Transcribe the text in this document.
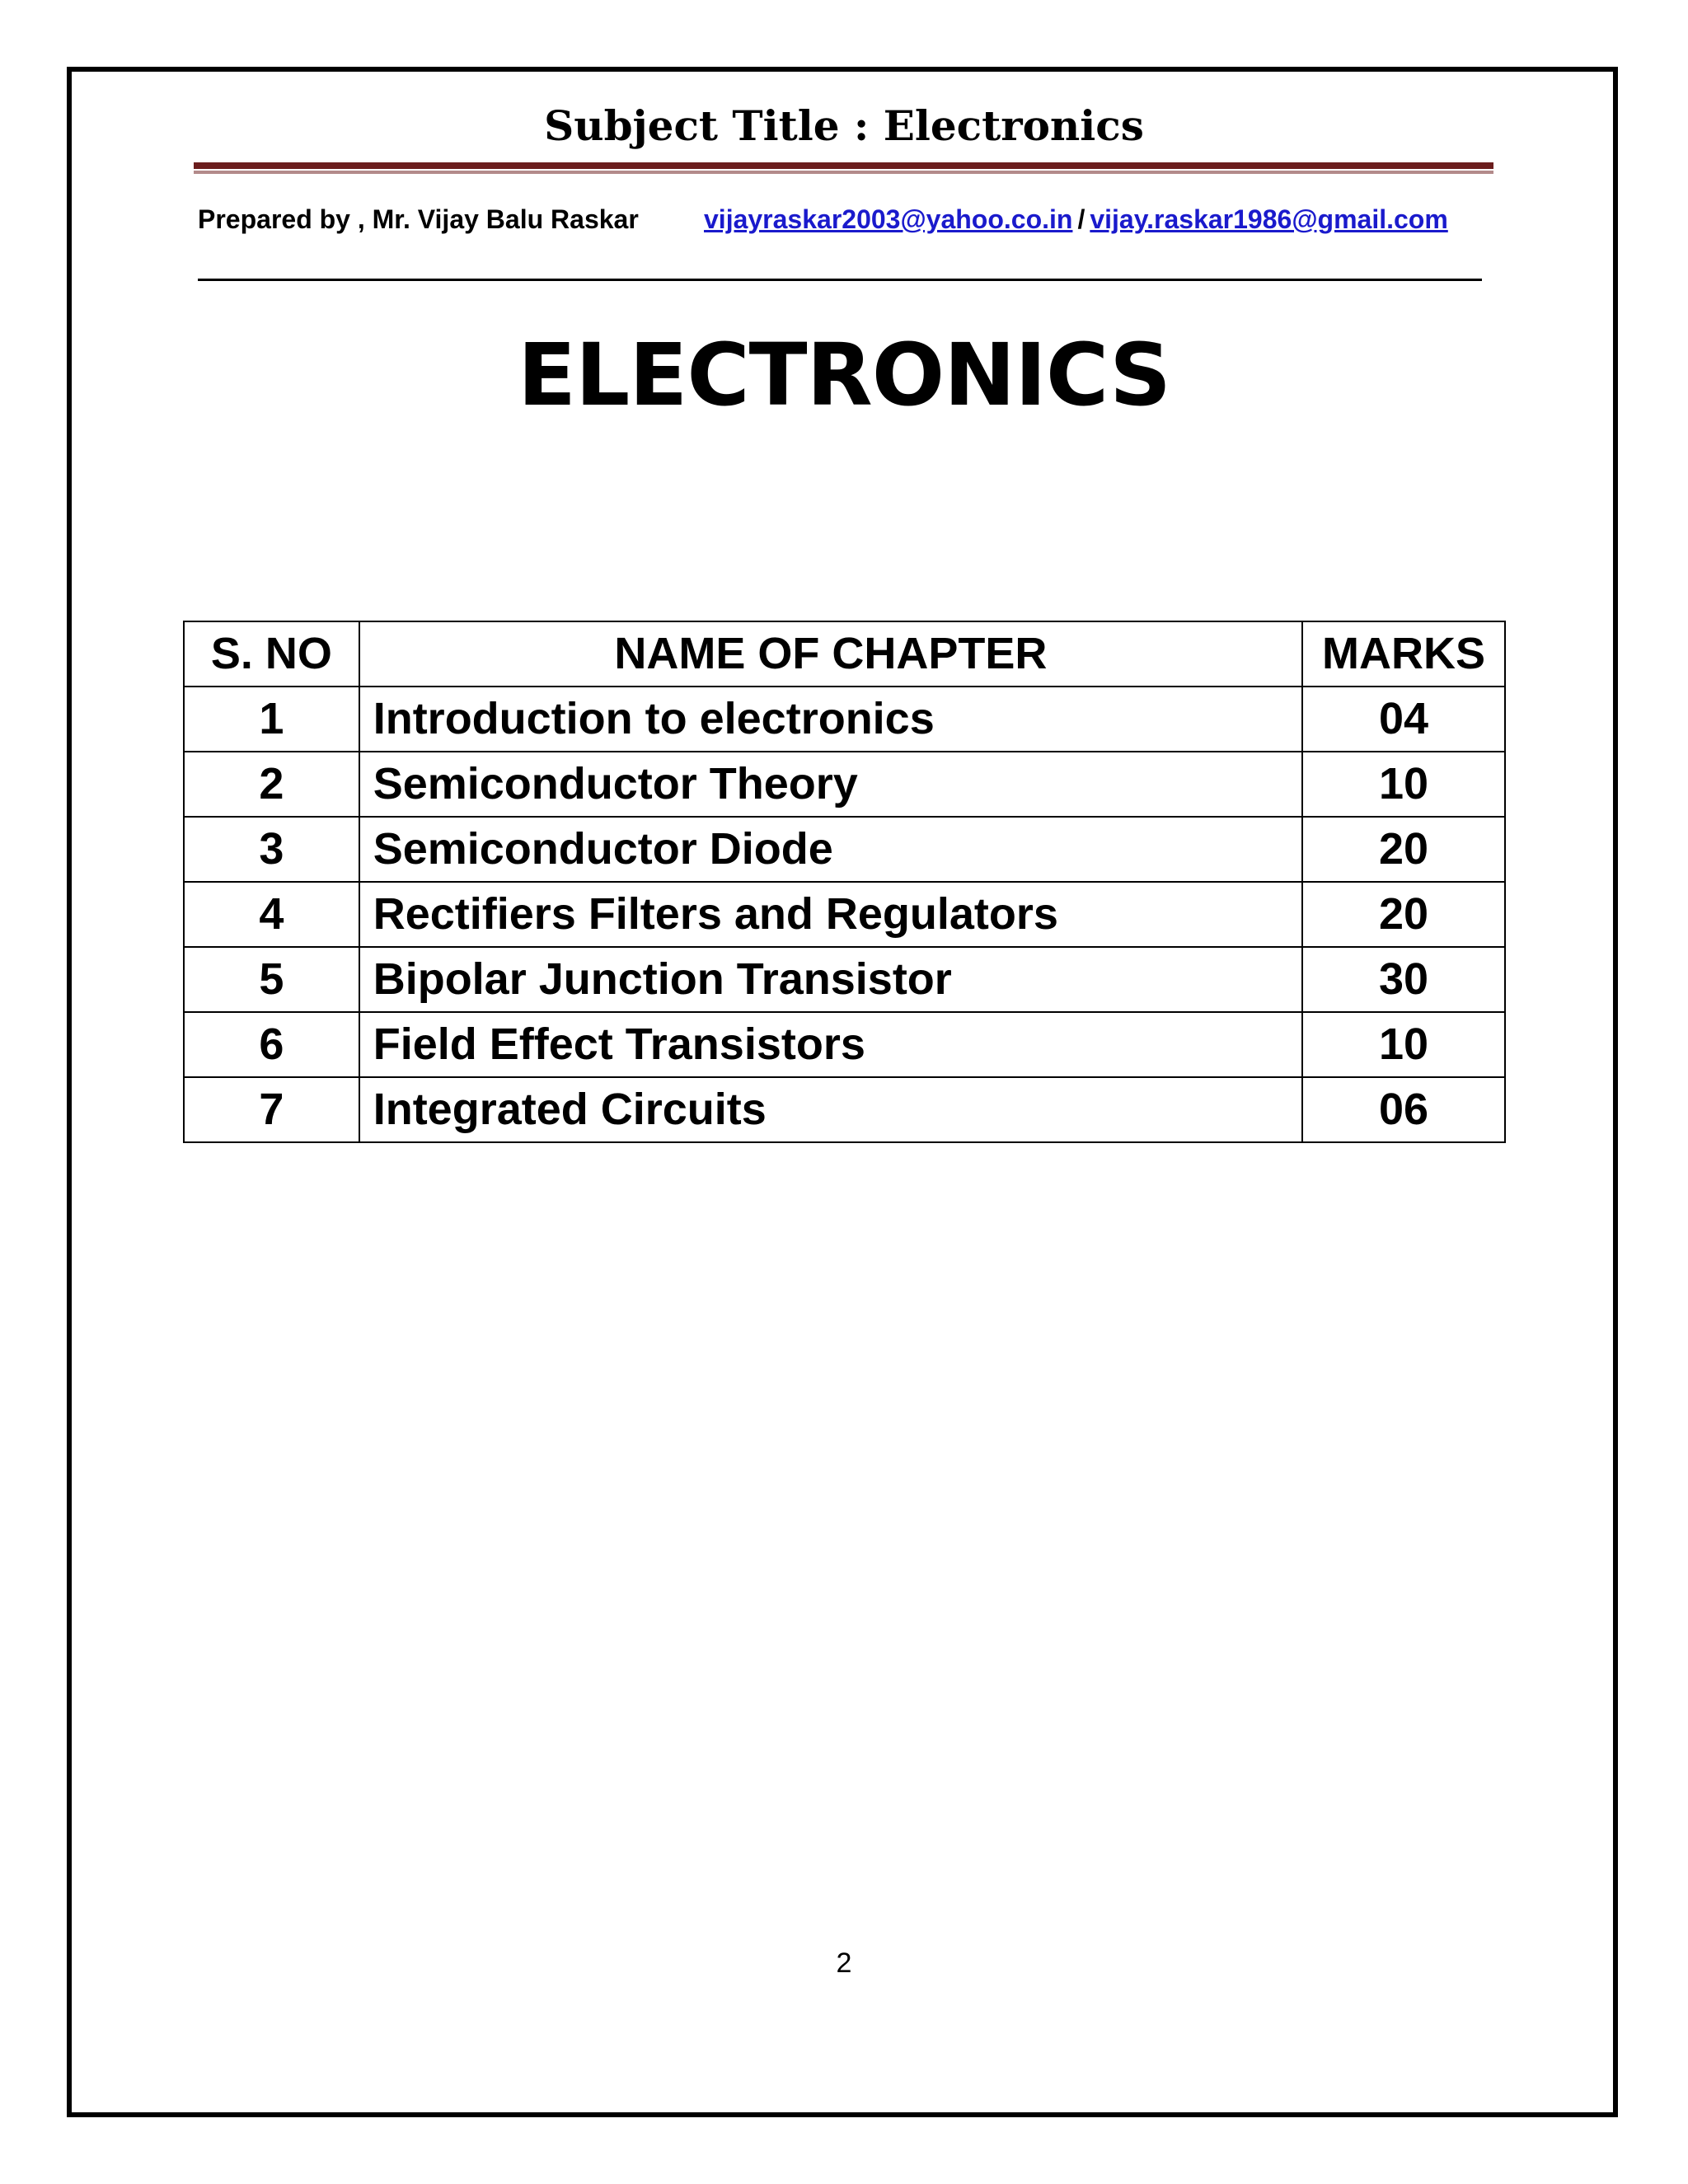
Subject Title : Electronics
Prepared by , Mr. Vijay Balu Raskar vijayraskar2003@yahoo.co.in / vijay.raskar1986@gmail.com
ELECTRONICS
S. NO	NAME OF CHAPTER	MARKS
1	Introduction to electronics	04
2	Semiconductor Theory	10
3	Semiconductor Diode	20
4	Rectifiers Filters and Regulators	20
5	Bipolar Junction Transistor	30
6	Field Effect Transistors	10
7	Integrated Circuits	06
2
